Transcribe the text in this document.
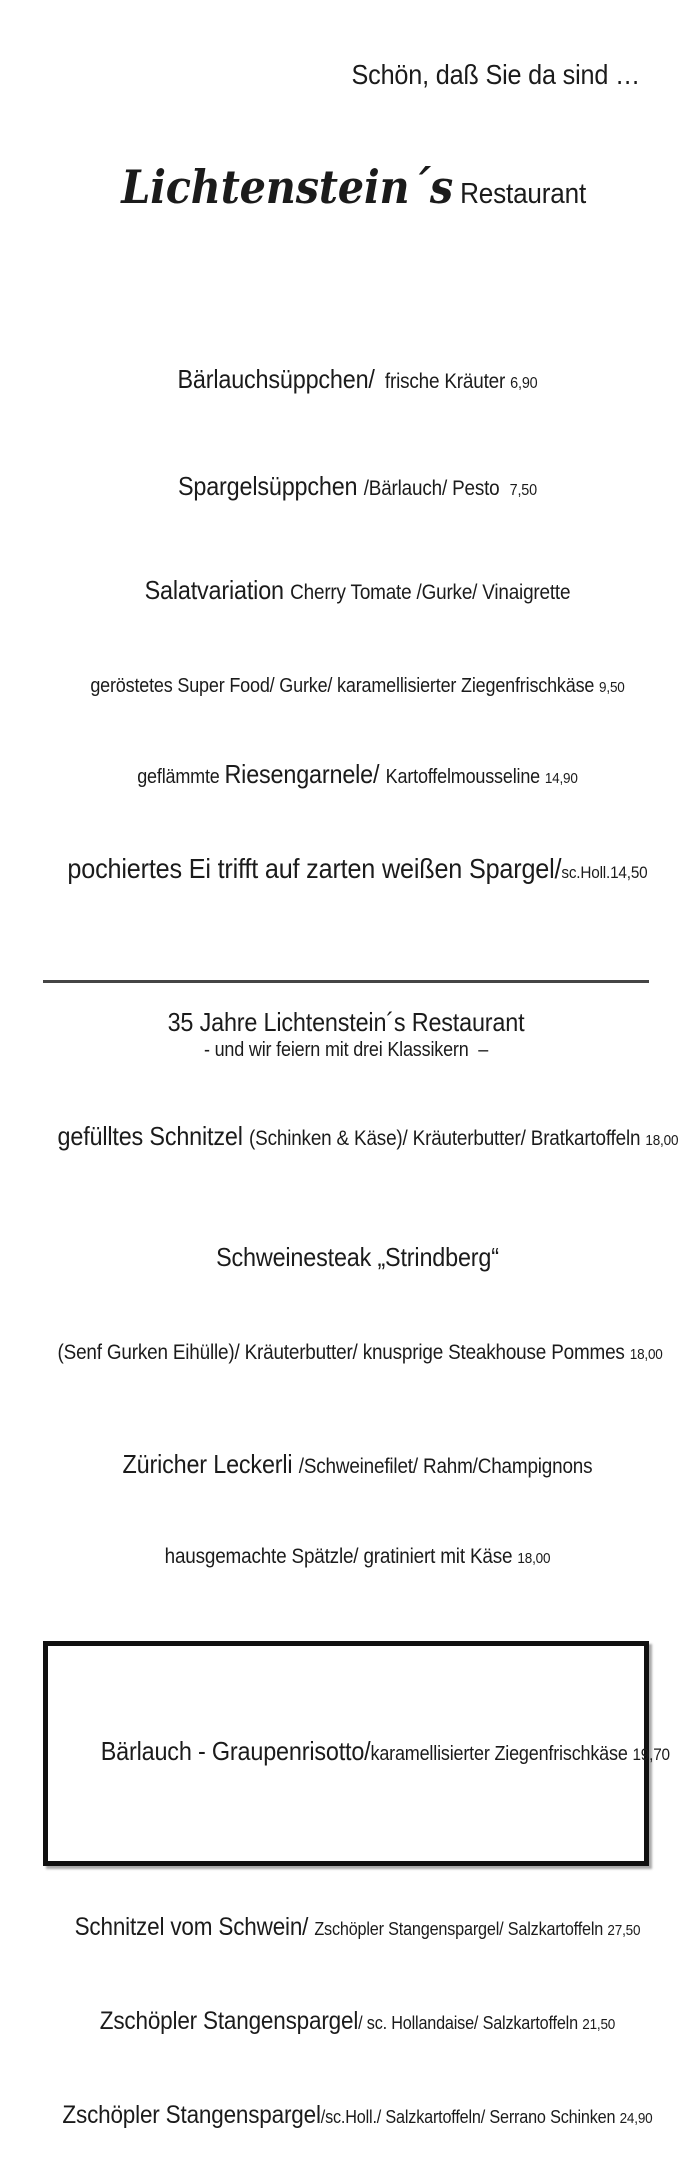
Schön, daß Sie da sind …

Lichtenstein´s Restaurant

Bärlauchsüppchen/  frische Kräuter 6,90

Spargelsüppchen /Bärlauch/ Pesto  7,50

Salatvariation Cherry Tomate /Gurke/ Vinaigrette

geröstetes Super Food/ Gurke/ karamellisierter Ziegenfrischkäse 9,50

geflämmte Riesengarnele/ Kartoffelmousseline 14,90

pochiertes Ei trifft auf zarten weißen Spargel/sc.Holl.14,50

35 Jahre Lichtenstein´s Restaurant
- und wir feiern mit drei Klassikern  –

gefülltes Schnitzel (Schinken & Käse)/ Kräuterbutter/ Bratkartoffeln 18,00

Schweinesteak „Strindberg“

(Senf Gurken Eihülle)/ Kräuterbutter/ knusprige Steakhouse Pommes 18,00

Züricher Leckerli /Schweinefilet/ Rahm/Champignons

hausgemachte Spätzle/ gratiniert mit Käse 18,00

Bärlauch - Graupenrisotto/karamellisierter Ziegenfrischkäse 19,70

Schnitzel vom Schwein/ Zschöpler Stangenspargel/ Salzkartoffeln 27,50

Zschöpler Stangenspargel/ sc. Hollandaise/ Salzkartoffeln 21,50

Zschöpler Stangenspargel/sc.Holl./ Salzkartoffeln/ Serrano Schinken 24,90
